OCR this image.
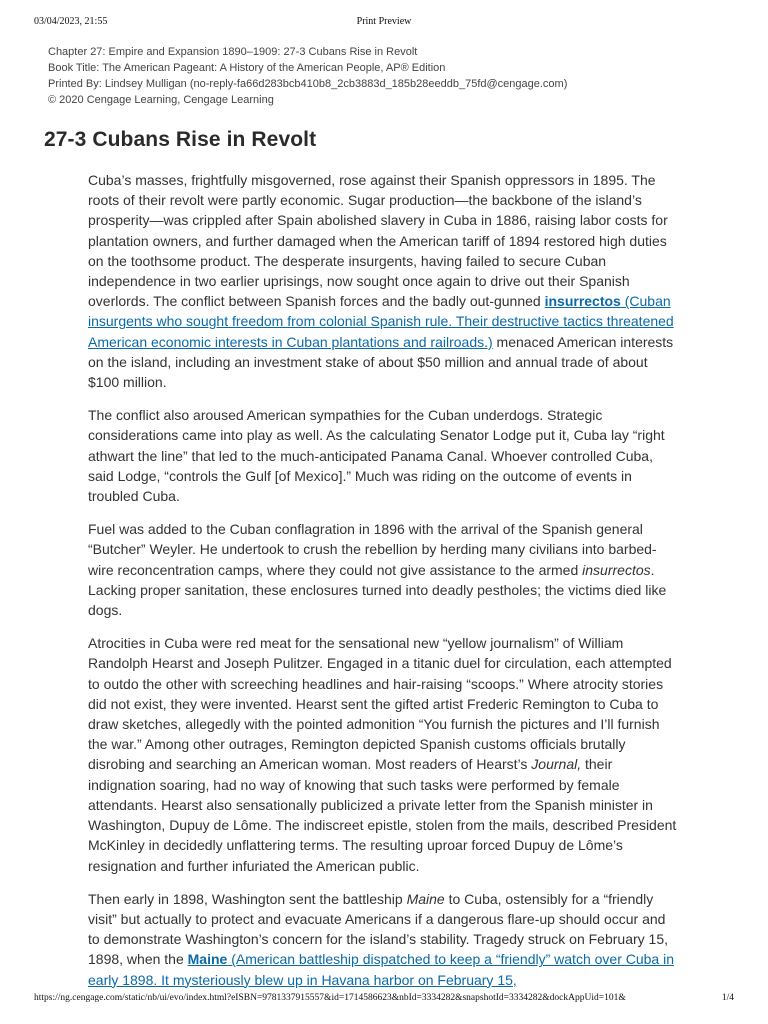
03/04/2023, 21:55	Print Preview
Chapter 27: Empire and Expansion 1890–1909: 27-3 Cubans Rise in Revolt
Book Title: The American Pageant: A History of the American People, AP® Edition
Printed By: Lindsey Mulligan (no-reply-fa66d283bcb410b8_2cb3883d_185b28eeddb_75fd@cengage.com)
© 2020 Cengage Learning, Cengage Learning
27-3 Cubans Rise in Revolt

Cuba’s masses, frightfully misgoverned, rose against their Spanish oppressors in 1895. The roots of their revolt were partly economic. Sugar production—the backbone of the island’s prosperity—was crippled after Spain abolished slavery in Cuba in 1886, raising labor costs for plantation owners, and further damaged when the American tariff of 1894 restored high duties on the toothsome product. The desperate insurgents, having failed to secure Cuban independence in two earlier uprisings, now sought once again to drive out their Spanish overlords. The conflict between Spanish forces and the badly out-gunned insurrectos (Cuban insurgents who sought freedom from colonial Spanish rule. Their destructive tactics threatened American economic interests in Cuban plantations and railroads.) menaced American interests on the island, including an investment stake of about $50 million and annual trade of about $100 million.

The conflict also aroused American sympathies for the Cuban underdogs. Strategic considerations came into play as well. As the calculating Senator Lodge put it, Cuba lay “right athwart the line” that led to the much-anticipated Panama Canal. Whoever controlled Cuba, said Lodge, “controls the Gulf [of Mexico].” Much was riding on the outcome of events in troubled Cuba.

Fuel was added to the Cuban conflagration in 1896 with the arrival of the Spanish general “Butcher” Weyler. He undertook to crush the rebellion by herding many civilians into barbed-wire reconcentration camps, where they could not give assistance to the armed insurrectos. Lacking proper sanitation, these enclosures turned into deadly pestholes; the victims died like dogs.

Atrocities in Cuba were red meat for the sensational new “yellow journalism” of William Randolph Hearst and Joseph Pulitzer. Engaged in a titanic duel for circulation, each attempted to outdo the other with screeching headlines and hair-raising “scoops.” Where atrocity stories did not exist, they were invented. Hearst sent the gifted artist Frederic Remington to Cuba to draw sketches, allegedly with the pointed admonition “You furnish the pictures and I’ll furnish the war.” Among other outrages, Remington depicted Spanish customs officials brutally disrobing and searching an American woman. Most readers of Hearst’s Journal, their indignation soaring, had no way of knowing that such tasks were performed by female attendants. Hearst also sensationally publicized a private letter from the Spanish minister in Washington, Dupuy de Lôme. The indiscreet epistle, stolen from the mails, described President McKinley in decidedly unflattering terms. The resulting uproar forced Dupuy de Lôme’s resignation and further infuriated the American public.

Then early in 1898, Washington sent the battleship Maine to Cuba, ostensibly for a “friendly visit” but actually to protect and evacuate Americans if a dangerous flare-up should occur and to demonstrate Washington’s concern for the island’s stability. Tragedy struck on February 15, 1898, when the Maine (American battleship dispatched to keep a “friendly” watch over Cuba in early 1898. It mysteriously blew up in Havana harbor on February 15,

https://ng.cengage.com/static/nb/ui/evo/index.html?eISBN=9781337915557&id=1714586623&nbId=3334282&snapshotId=3334282&dockAppUid=101&	1/4
